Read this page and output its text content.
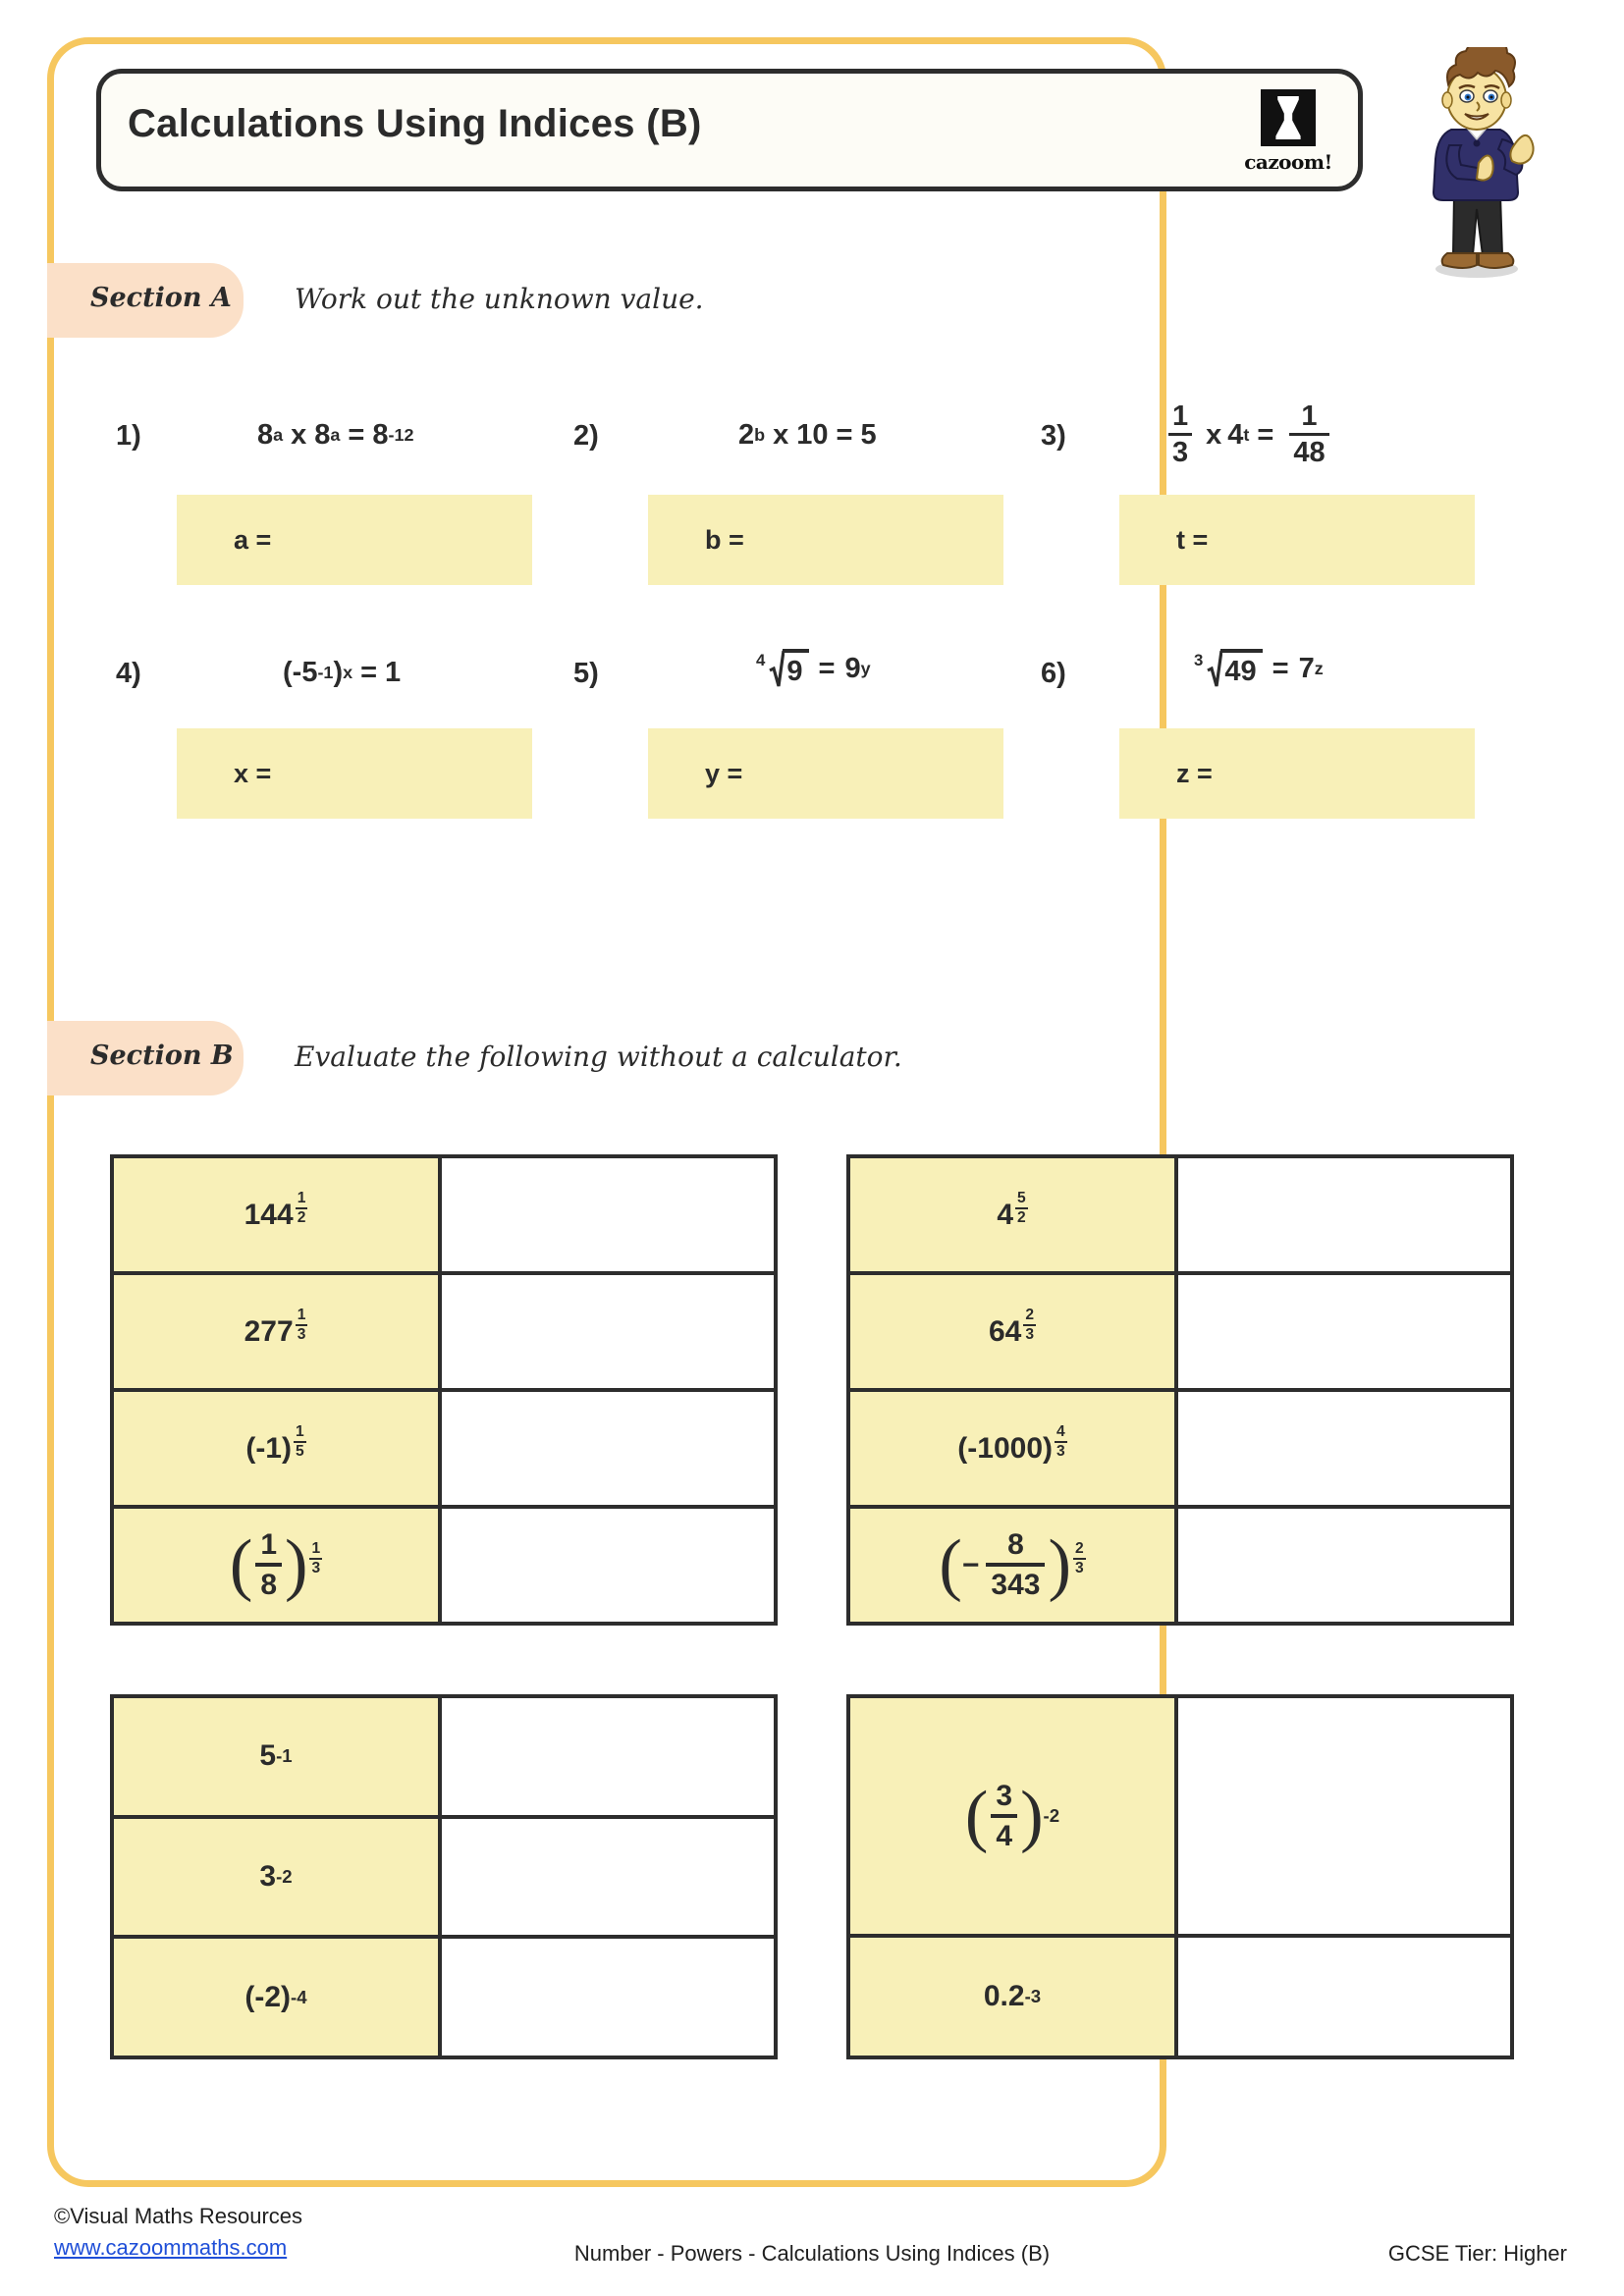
Calculations Using Indices (B)
cazoom!
Section A Work out the unknown value.
1)	8 a x 8 a = 8 -12
a =
2)	2 b x 10 = 5
b =
3)	$\frac{1}{3}$ x 4 $t = \frac{1}{48}$
t =
4)	(-5 -1 ) x = 1
x =
5)	4 9 = 9 y
y =
6)	3 49 = 7 z
z =
Section B Evaluate the following without a calculator.
$144 \frac{1}{2}$
$277 \frac{1}{3}$
$(-1) \frac{1}{5}$
( $\frac{1}{8}$ ) $\frac{1}{3}$
$4 \frac{5}{2}$
$64 \frac{2}{3}$
$(-1000) \frac{4}{3}$
( − $\frac{8}{343}$ ) $\frac{2}{3}$
5 -1
3 -2
(-2) -4
( $\frac{3}{4}$ ) -2
0.2 -3
©Visual Maths Resources
www.cazoommaths.com	Number - Powers - Calculations Using Indices (B)	GCSE Tier: Higher
